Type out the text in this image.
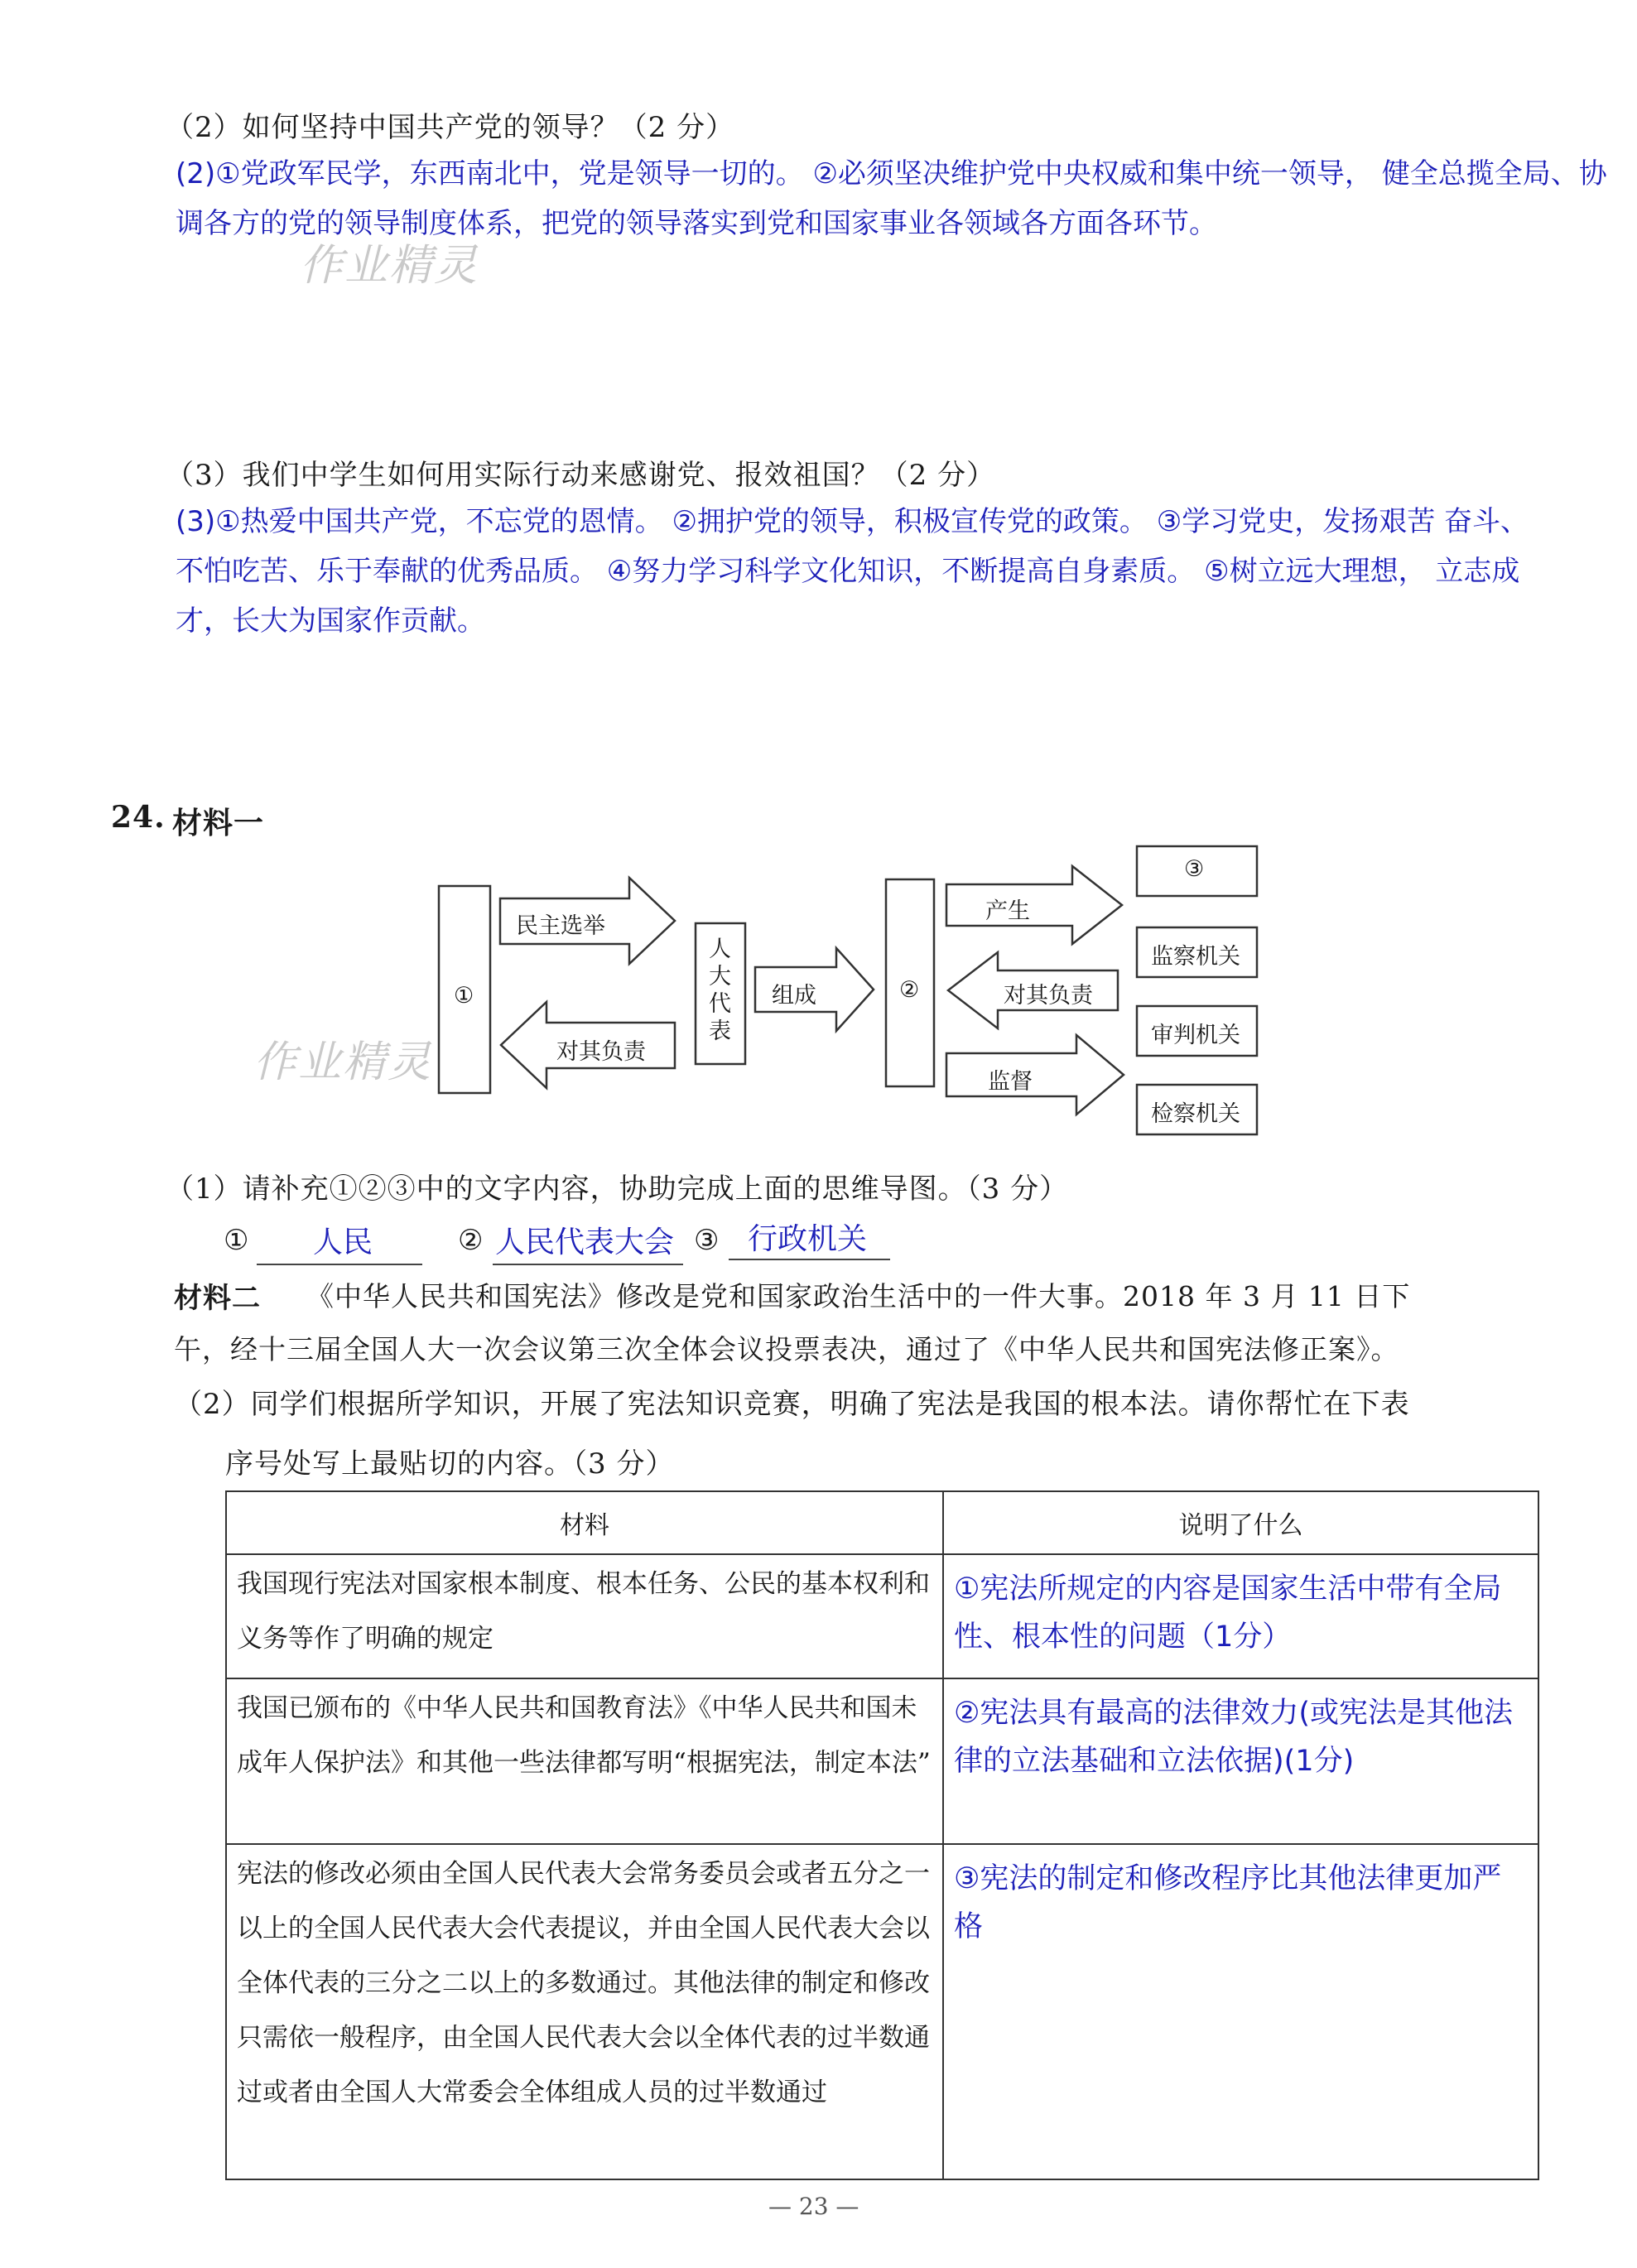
（2）如何坚持中国共产党的领导？（2 分）
(2)①党政军民学，东西南北中，党是领导一切的。 ②必须坚决维护党中央权威和集中统一领导， 健全总揽全局、协调各方的党的领导制度体系，把党的领导落实到党和国家事业各领域各方面各环节。
作业精灵
（3）我们中学生如何用实际行动来感谢党、报效祖国？（2 分）
(3)①热爱中国共产党，不忘党的恩情。 ②拥护党的领导，积极宣传党的政策。 ③学习党史，发扬艰苦 奋斗、不怕吃苦、乐于奉献的优秀品质。 ④努力学习科学文化知识，不断提高自身素质。 ⑤树立远大理想， 立志成才，长大为国家作贡献。
24. 材料一
①
民主选举
对其负责
人大代表
组成	②
产生
对其负责
监督
③
监察机关
审判机关
检察机关
作业精灵
（1）请补充①②③中的文字内容，协助完成上面的思维导图。（3 分）
① 人民	② 人民代表大会 ③ 行政机关
材料二 《中华人民共和国宪法》修改是党和国家政治生活中的一件大事。2018 年 3 月 11 日下
午，经十三届全国人大一次会议第三次全体会议投票表决，通过了《中华人民共和国宪法修正案》。
（2）同学们根据所学知识，开展了宪法知识竞赛，明确了宪法是我国的根本法。请你帮忙在下表
序号处写上最贴切的内容。（3 分）
材料	说明了什么
我国现行宪法对国家根本制度、根本任务、公民的基本权利和义务等作了明确的规定	①宪法所规定的内容是国家生活中带有全局性、根本性的问题（1分）
我国已颁布的《中华人民共和国教育法》《中华人民共和国未成年人保护法》和其他一些法律都写明“根据宪法，制定本法”	②宪法具有最高的法律效力(或宪法是其他法律的立法基础和立法依据)(1分)
宪法的修改必须由全国人民代表大会常务委员会或者五分之一以上的全国人民代表大会代表提议，并由全国人民代表大会以全体代表的三分之二以上的多数通过。其他法律的制定和修改只需依一般程序，由全国人民代表大会以全体代表的过半数通过或者由全国人大常委会全体组成人员的过半数通过	③宪法的制定和修改程序比其他法律更加严格
— 23 —
